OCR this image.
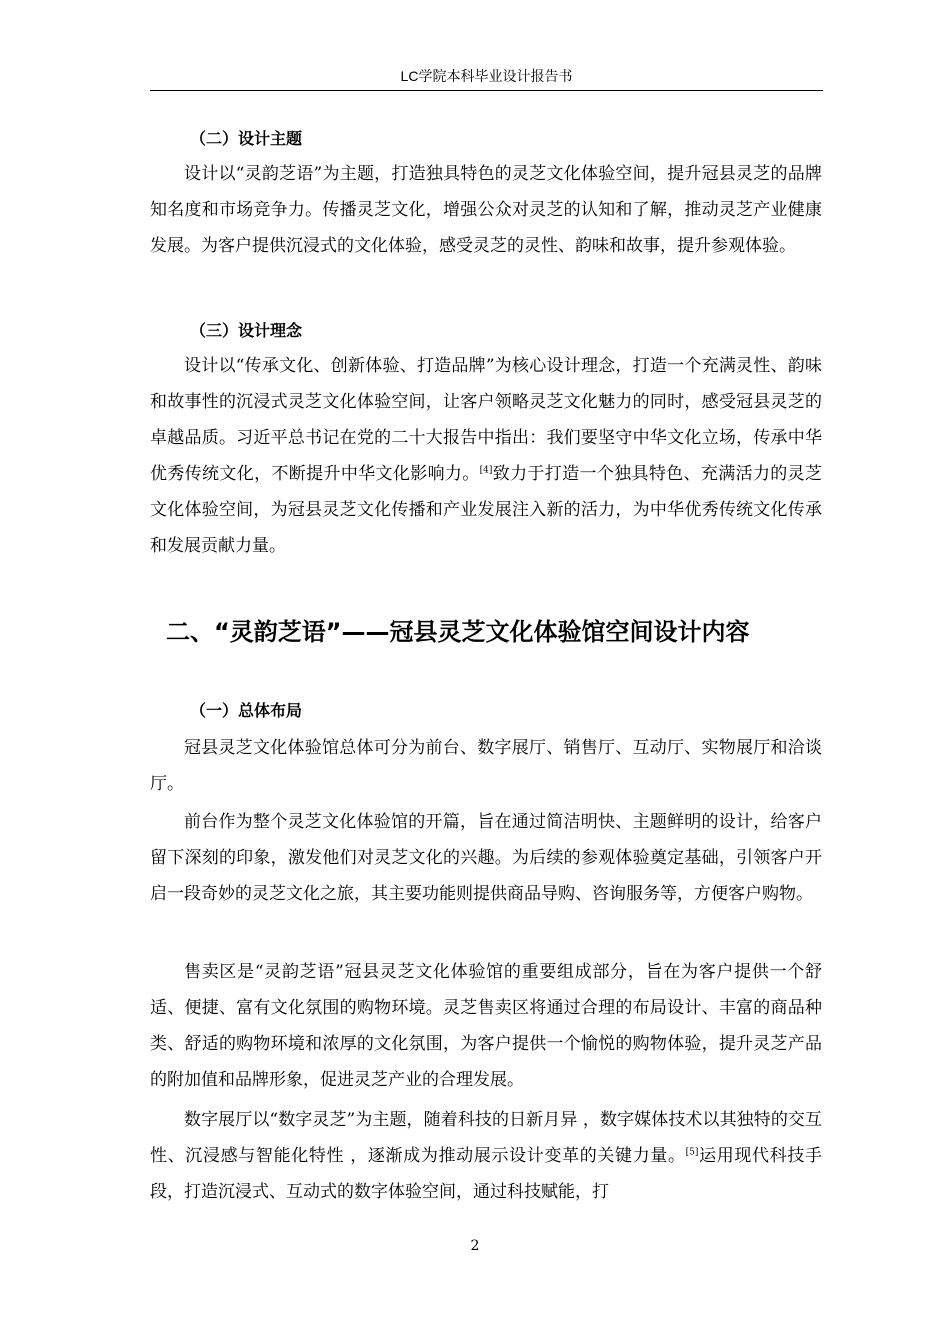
LC学院本科毕业设计报告书
（二）设计主题

设计以“灵韵芝语”为主题，打造独具特色的灵芝文化体验空间，提升冠县灵芝的品牌知名度和市场竞争力。传播灵芝文化，增强公众对灵芝的认知和了解，推动灵芝产业健康发展。为客户提供沉浸式的文化体验，感受灵芝的灵性、韵味和故事，提升参观体验。

（三）设计理念

设计以“传承文化、创新体验、打造品牌”为核心设计理念，打造一个充满灵性、韵味和故事性的沉浸式灵芝文化体验空间，让客户领略灵芝文化魅力的同时，感受冠县灵芝的卓越品质。习近平总书记在党的二十大报告中指出：我们要坚守中华文化立场，传承中华优秀传统文化，不断提升中华文化影响力。[4]致力于打造一个独具特色、充满活力的灵芝文化体验空间，为冠县灵芝文化传播和产业发展注入新的活力，为中华优秀传统文化传承和发展贡献力量。

二、“灵韵芝语”——冠县灵芝文化体验馆空间设计内容
（一）总体布局

冠县灵芝文化体验馆总体可分为前台、数字展厅、销售厅、互动厅、实物展厅和洽谈厅。

前台作为整个灵芝文化体验馆的开篇，旨在通过简洁明快、主题鲜明的设计，给客户留下深刻的印象，激发他们对灵芝文化的兴趣。为后续的参观体验奠定基础，引领客户开启一段奇妙的灵芝文化之旅，其主要功能则提供商品导购、咨询服务等，方便客户购物。

售卖区是“灵韵芝语”冠县灵芝文化体验馆的重要组成部分，旨在为客户提供一个舒适、便捷、富有文化氛围的购物环境。灵芝售卖区将通过合理的布局设计、丰富的商品种类、舒适的购物环境和浓厚的文化氛围，为客户提供一个愉悦的购物体验，提升灵芝产品的附加值和品牌形象，促进灵芝产业的合理发展。

数字展厅以“数字灵芝”为主题，随着科技的日新月异 ，数字媒体技术以其独特的交互性、沉浸感与智能化特性 ，逐渐成为推动展示设计变革的关键力量。[5]运用现代科技手段，打造沉浸式、互动式的数字体验空间，通过科技赋能，打

2
